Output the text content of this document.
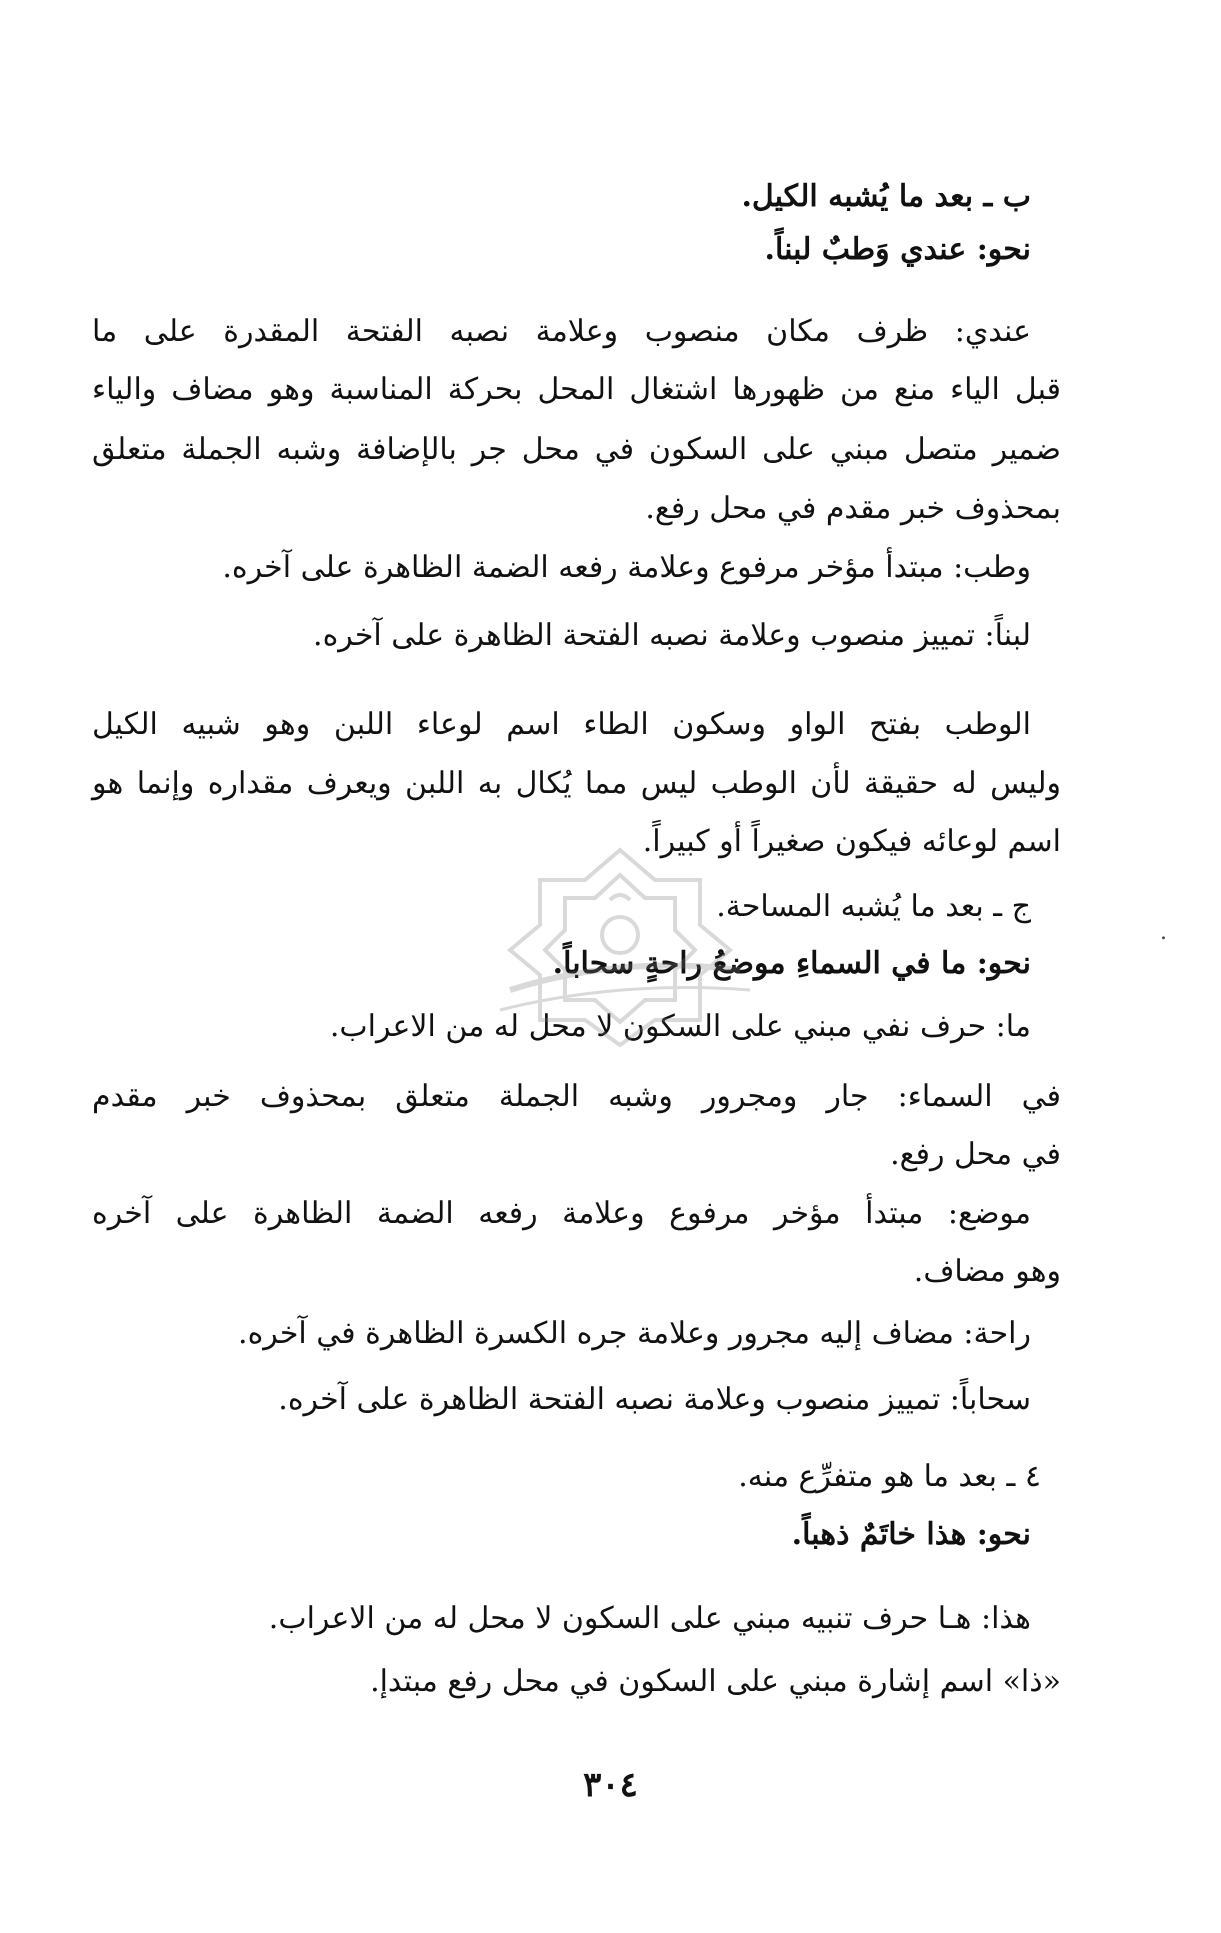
ب ـ بعد ما يُشبه الكيل.
نحو: عندي وَطبٌ لبناً.
عندي: ظرف مكان منصوب وعلامة نصبه الفتحة المقدرة على ما
قبل الياء منع من ظهورها اشتغال المحل بحركة المناسبة وهو مضاف والياء
ضمير متصل مبني على السكون في محل جر بالإضافة وشبه الجملة متعلق
بمحذوف خبر مقدم في محل رفع.
وطب: مبتدأ مؤخر مرفوع وعلامة رفعه الضمة الظاهرة على آخره.
لبناً: تمييز منصوب وعلامة نصبه الفتحة الظاهرة على آخره.
الوطب بفتح الواو وسكون الطاء اسم لوعاء اللبن وهو شبيه الكيل
وليس له حقيقة لأن الوطب ليس مما يُكال به اللبن ويعرف مقداره وإنما هو
اسم لوعائه فيكون صغيراً أو كبيراً.
.
ج ـ بعد ما يُشبه المساحة.
نحو: ما في السماءِ موضعُ راحةٍ سحاباً.
ما: حرف نفي مبني على السكون لا محل له من الاعراب.
في السماء: جار ومجرور وشبه الجملة متعلق بمحذوف خبر مقدم
في محل رفع.
موضع: مبتدأ مؤخر مرفوع وعلامة رفعه الضمة الظاهرة على آخره
وهو مضاف.
راحة: مضاف إليه مجرور وعلامة جره الكسرة الظاهرة في آخره.
سحاباً: تمييز منصوب وعلامة نصبه الفتحة الظاهرة على آخره.
٤ ـ بعد ما هو متفرِّع منه.
نحو: هذا خاتَمٌ ذهباً.
هذا: هـا حرف تنبيه مبني على السكون لا محل له من الاعراب.
«ذا» اسم إشارة مبني على السكون في محل رفع مبتدإ.
٣٠٤
